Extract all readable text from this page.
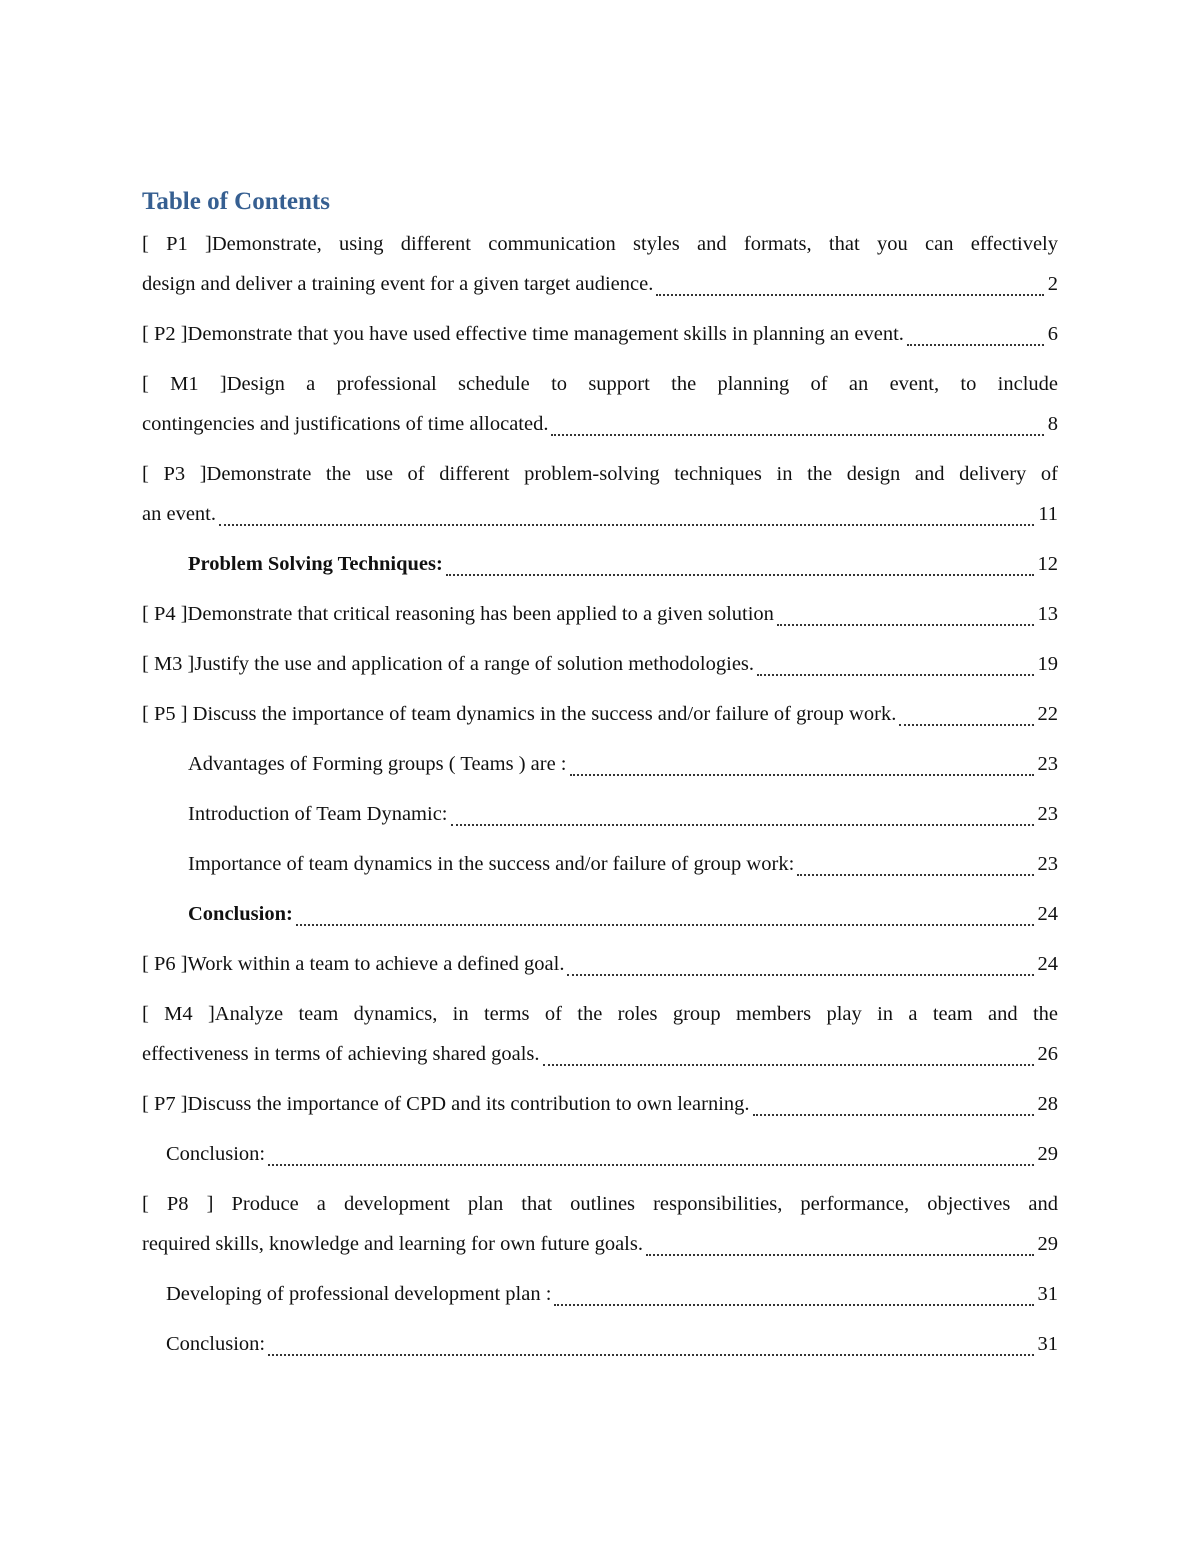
Table of Contents
[ P1 ]Demonstrate, using different communication styles and formats, that you can effectively
design and deliver a training event for a given target audience.	2
[ P2 ]Demonstrate that you have used effective time management skills in planning an event.	6
[ M1 ]Design a professional schedule to support the planning of an event, to include
contingencies and justifications of time allocated.	8
[ P3 ]Demonstrate the use of different problem-solving techniques in the design and delivery of
an event.	11
Problem Solving Techniques:	12
[ P4 ]Demonstrate that critical reasoning has been applied to a given solution	13
[ M3 ]Justify the use and application of a range of solution methodologies.	19
[ P5 ] Discuss the importance of team dynamics in the success and/or failure of group work.	22
Advantages of Forming groups ( Teams ) are :	23
Introduction of Team Dynamic:	23
Importance of team dynamics in the success and/or failure of group work:	23
Conclusion:	24
[ P6 ]Work within a team to achieve a defined goal.	24
[ M4 ]Analyze team dynamics, in terms of the roles group members play in a team and the
effectiveness in terms of achieving shared goals.	26
[ P7 ]Discuss the importance of CPD and its contribution to own learning.	28
Conclusion:	29
[ P8 ] Produce a development plan that outlines responsibilities, performance, objectives and
required skills, knowledge and learning for own future goals.	29
Developing of professional development plan :	31
Conclusion:	31
